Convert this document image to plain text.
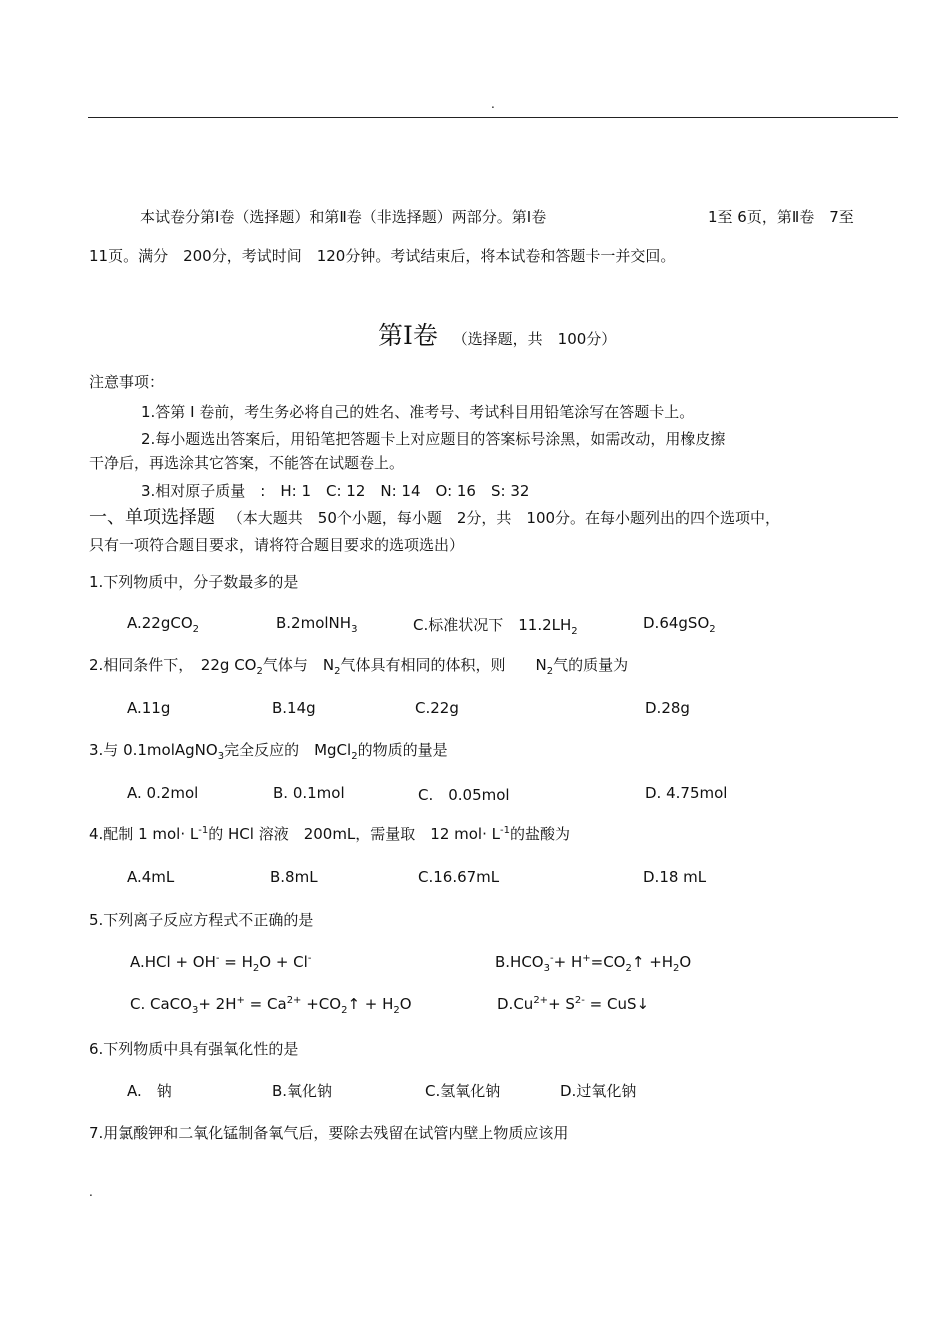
.
本试卷分第Ⅰ卷（选择题）和第Ⅱ卷（非选择题）两部分。第Ⅰ卷	1至 6页，第Ⅱ卷　7至
11页。满分　200分，考试时间　120分钟。考试结束后，将本试卷和答题卡一并交回。
第Ⅰ卷 （选择题，共　100分）
注意事项：
1.答第 Ⅰ 卷前，考生务必将自己的姓名、准考号、考试科目用铅笔涂写在答题卡上。
2.每小题选出答案后，用铅笔把答题卡上对应题目的答案标号涂黑，如需改动，用橡皮擦
干净后，再选涂其它答案，不能答在试题卷上。
3.相对原子质量　:　H: 1　C: 12　N: 14　O: 16　S: 32
一、单项选择题 （本大题共　50个小题，每小题　2分，共　100分。在每小题列出的四个选项中，
只有一项符合题目要求，请将符合题目要求的选项选出）
1.下列物质中，分子数最多的是
A.22gCO$_2$	B.2molNH$_3$	C.标准状况下　$11.2LH_2$	D.64gSO$_2$
2.相同条件下，　22g $CO_2$气体与　$N_2$气体具有相同的体积，则　　$N_2$气的质量为
A.11g	B.14g	C.22g	D.28g
3.与 0.1molAgNO$_3$完全反应的　MgCl$_2$的物质的量是
A. 0.2mol	B. 0.1mol	C.　0.05mol	D. 4.75mol
4.配制 1 $mol\cdot L^{-1}$的 HCl 溶液　200mL，需量取　12 $mol\cdot L^{-1}$的盐酸为
A.4mL	B.8mL	C.16.67mL	D.18 mL
5.下列离子反应方程式不正确的是
$A.HCl + OH^- = H_2O + Cl^-$	$B.HCO_3^-+$ $H^+=CO_2↑ +H_2O$
C. CaCO$_3$+ $2H^+ = Ca^{2+}$ $+CO_2↑ + H_2O$	$D.Cu^{2+}+ S^{2-}$ = CuS↓
6.下列物质中具有强氧化性的是
A.　钠	B.氧化钠	C.氢氧化钠	D.过氧化钠
7.用氯酸钾和二氧化锰制备氧气后，要除去残留在试管内壁上物质应该用
.
